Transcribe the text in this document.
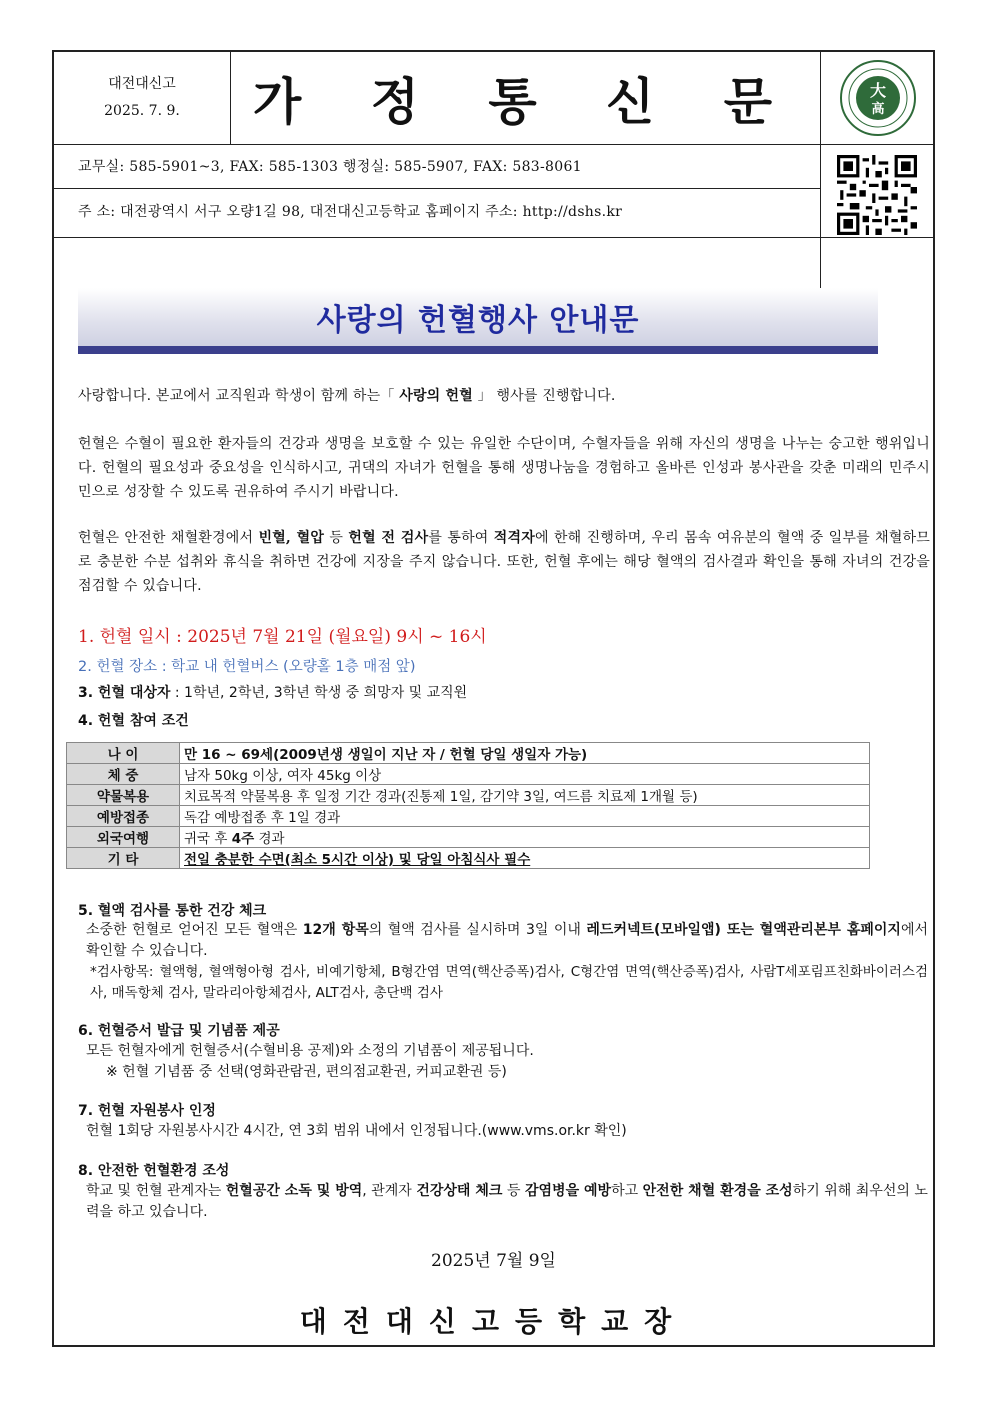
대전대신고
2025. 7. 9.	가 정 통 신 문	大
高
교무실: 585-5901~3, FAX: 585-1303 행정실: 585-5907, FAX: 583-8061
주 소: 대전광역시 서구 오량1길 98, 대전대신고등학교 홈페이지 주소: http://dshs.kr
사랑의 헌혈행사 안내문
사랑합니다. 본교에서 교직원과 학생이 함께 하는「 사랑의 헌혈 」 행사를 진행합니다.
헌혈은 수혈이 필요한 환자들의 건강과 생명을 보호할 수 있는 유일한 수단이며, 수혈자들을 위해 자신의 생명을 나누는 숭고한 행위입니다. 헌혈의 필요성과 중요성을 인식하시고, 귀댁의 자녀가 헌혈을 통해 생명나눔을 경험하고 올바른 인성과 봉사관을 갖춘 미래의 민주시민으로 성장할 수 있도록 권유하여 주시기 바랍니다.
헌혈은 안전한 채혈환경에서 빈혈, 혈압 등 헌혈 전 검사를 통하여 적격자에 한해 진행하며, 우리 몸속 여유분의 혈액 중 일부를 채혈하므로 충분한 수분 섭취와 휴식을 취하면 건강에 지장을 주지 않습니다. 또한, 헌혈 후에는 해당 혈액의 검사결과 확인을 통해 자녀의 건강을 점검할 수 있습니다.
1. 헌혈 일시 : 2025년 7월 21일 (월요일) 9시 ~ 16시
2. 헌혈 장소 : 학교 내 헌혈버스 (오량홀 1층 매점 앞)
3. 헌혈 대상자 : 1학년, 2학년, 3학년 학생 중 희망자 및 교직원
4. 헌혈 참여 조건
나 이	만 16 ~ 69세(2009년생 생일이 지난 자 / 헌혈 당일 생일자 가능)
체 중	남자 50kg 이상, 여자 45kg 이상
약물복용	치료목적 약물복용 후 일정 기간 경과(진통제 1일, 감기약 3일, 여드름 치료제 1개월 등)
예방접종	독감 예방접종 후 1일 경과
외국여행	귀국 후 4주 경과
기 타	전일 충분한 수면(최소 5시간 이상) 및 당일 아침식사 필수
5. 혈액 검사를 통한 건강 체크
소중한 헌혈로 얻어진 모든 혈액은 12개 항목의 혈액 검사를 실시하며 3일 이내 레드커넥트(모바일앱) 또는 혈액관리본부 홈페이지에서 확인할 수 있습니다.
*검사항목: 혈액형, 혈액형아형 검사, 비예기항체, B형간염 면역(핵산증폭)검사, C형간염 면역(핵산증폭)검사, 사람T세포림프친화바이러스검사, 매독항체 검사, 말라리아항체검사, ALT검사, 총단백 검사
6. 헌혈증서 발급 및 기념품 제공
모든 헌혈자에게 헌혈증서(수혈비용 공제)와 소정의 기념품이 제공됩니다.
※ 헌혈 기념품 중 선택(영화관람권, 편의점교환권, 커피교환권 등)
7. 헌혈 자원봉사 인정
헌혈 1회당 자원봉사시간 4시간, 연 3회 범위 내에서 인정됩니다.(www.vms.or.kr 확인)
8. 안전한 헌혈환경 조성
학교 및 헌혈 관계자는 헌혈공간 소독 및 방역, 관계자 건강상태 체크 등 감염병을 예방하고 안전한 채혈 환경을 조성하기 위해 최우선의 노력을 하고 있습니다.
2025년 7월 9일
대전대신고등학교장
